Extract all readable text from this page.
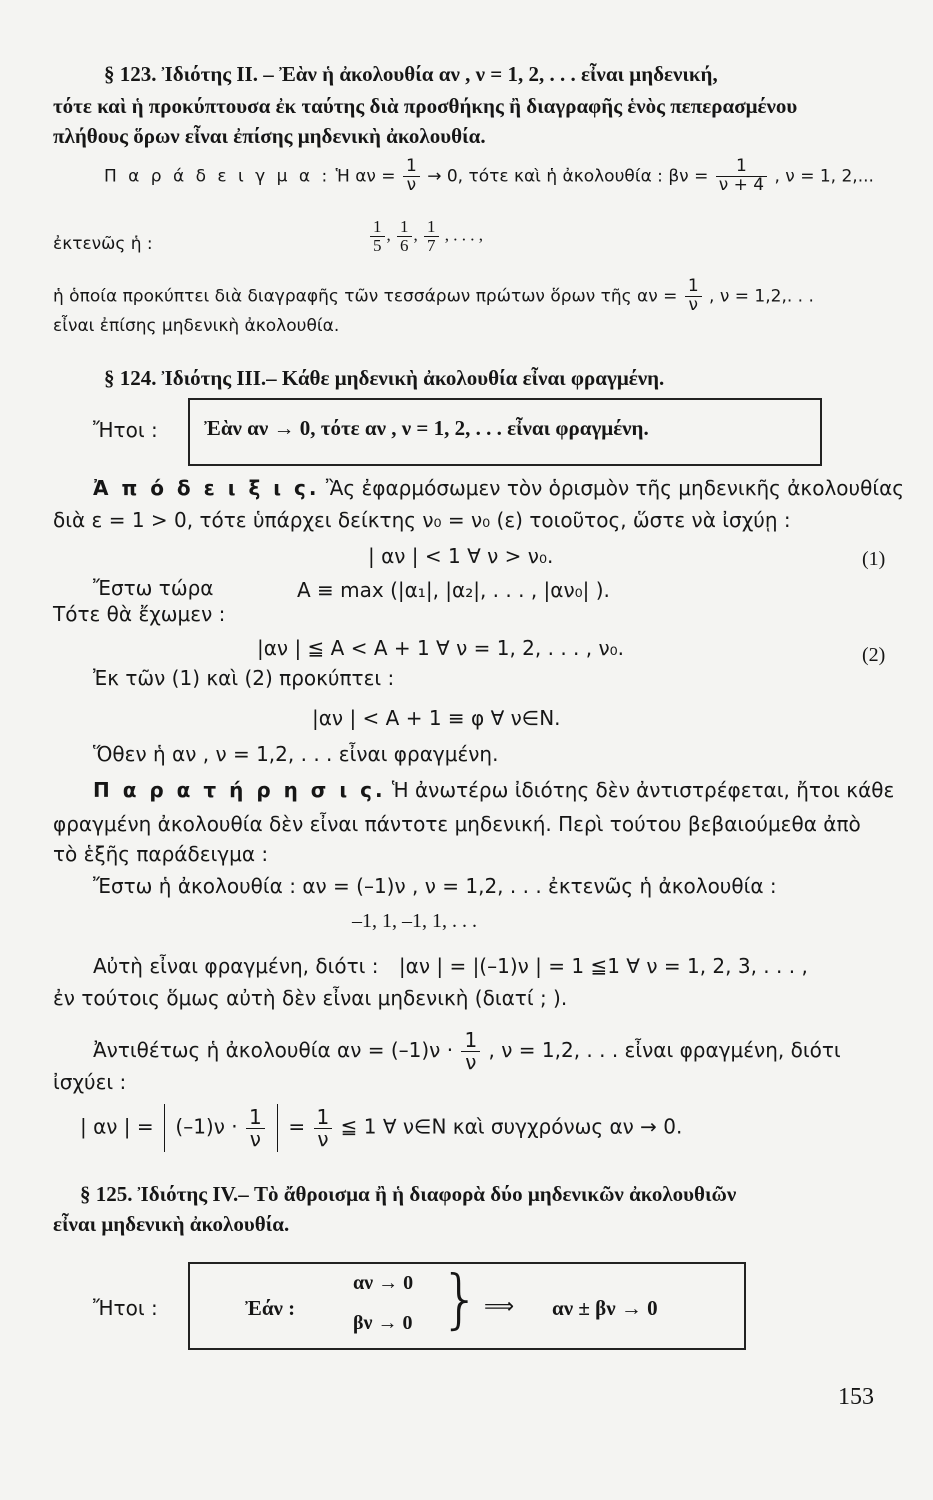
§ 123. Ἰδιότης II. – Ἐὰν ἡ ἀκολουθία αν , ν = 1, 2, . . . εἶναι μηδενική,
τότε καὶ ἡ προκύπτουσα ἐκ ταύτης διὰ προσθήκης ἢ διαγραφῆς ἑνὸς πεπερασμένου
πλήθους ὅρων εἶναι ἐπίσης μηδενικὴ ἀκολουθία.
Π α ρ ά δ ε ι γ μ α : Ἡ $\alpha\nu = \frac{1}{\nu} \to 0$, τότε καὶ ἡ ἀκολουθία : $\beta\nu = \frac{1}{\nu + 4}$ , ν = 1, 2,...
ἐκτενῶς ἡ :	$\frac{1}{5}$ , $\frac{1}{6}$ , $\frac{1}{7}$ , . . . ,
ἡ ὁποία προκύπτει διὰ διαγραφῆς τῶν τεσσάρων πρώτων ὅρων τῆς $\alpha\nu = \frac{1}{\nu}$ , ν = 1,2,. . .
εἶναι ἐπίσης μηδενικὴ ἀκολουθία.
§ 124. Ἰδιότης III.– Κάθε μηδενικὴ ἀκολουθία εἶναι φραγμένη.
Ἤτοι : Ἐὰν αν → 0, τότε αν , ν = 1, 2, . . . εἶναι φραγμένη.
Ἀ π ό δ ε ι ξ ι ς. Ἂς ἐφαρμόσωμεν τὸν ὁρισμὸν τῆς μηδενικῆς ἀκολουθίας
διὰ ε = 1 > 0, τότε ὑπάρχει δείκτης ν₀ = ν₀ (ε) τοιοῦτος, ὥστε νὰ ἰσχύῃ :
| αν | < 1 ∀ ν > ν₀.	(1)
Ἔστω τώρα	A ≡ max (|α₁|, |α₂|, . . . , |αν₀| ).
Τότε θὰ ἔχωμεν :
|αν | ≦ A < A + 1 ∀ ν = 1, 2, . . . , ν₀.	(2)
Ἐκ τῶν (1) καὶ (2) προκύπτει :
|αν | < A + 1 ≡ φ ∀ ν∈N.
Ὅθεν ἡ αν , ν = 1,2, . . . εἶναι φραγμένη.
Π α ρ α τ ή ρ η σ ι ς. Ἡ ἀνωτέρω ἰδιότης δὲν ἀντιστρέφεται, ἤτοι κάθε
φραγμένη ἀκολουθία δὲν εἶναι πάντοτε μηδενική. Περὶ τούτου βεβαιούμεθα ἀπὸ
τὸ ἑξῆς παράδειγμα :
Ἔστω ἡ ἀκολουθία : αν = (–1)ν , ν = 1,2, . . . ἐκτενῶς ἡ ἀκολουθία :
–1, 1, –1, 1, . . .
Αὐτὴ εἶναι φραγμένη, διότι : |αν | = |(–1)ν | = 1 ≦1 ∀ ν = 1, 2, 3, . . . ,
ἐν τούτοις ὅμως αὐτὴ δὲν εἶναι μηδενικὴ (διατί ; ).
Ἀντιθέτως ἡ ἀκολουθία $\alpha\nu = (-1)\nu \cdot \frac{1}{\nu}$ , ν = 1,2, . . . εἶναι φραγμένη, διότι
ἰσχύει :
| αν | = $(-1)\nu \cdot \frac{1}{\nu} = \frac{1}{\nu}$ ≦ 1 ∀ ν∈N καὶ συγχρόνως αν → 0.
§ 125. Ἰδιότης IV.– Τὸ ἄθροισμα ἢ ἡ διαφορὰ δύο μηδενικῶν ἀκολουθιῶν
εἶναι μηδενικὴ ἀκολουθία.
Ἤτοι :	Ἐάν :
αν → 0
βν → 0 } ⟹ αν ± βν → 0
153
